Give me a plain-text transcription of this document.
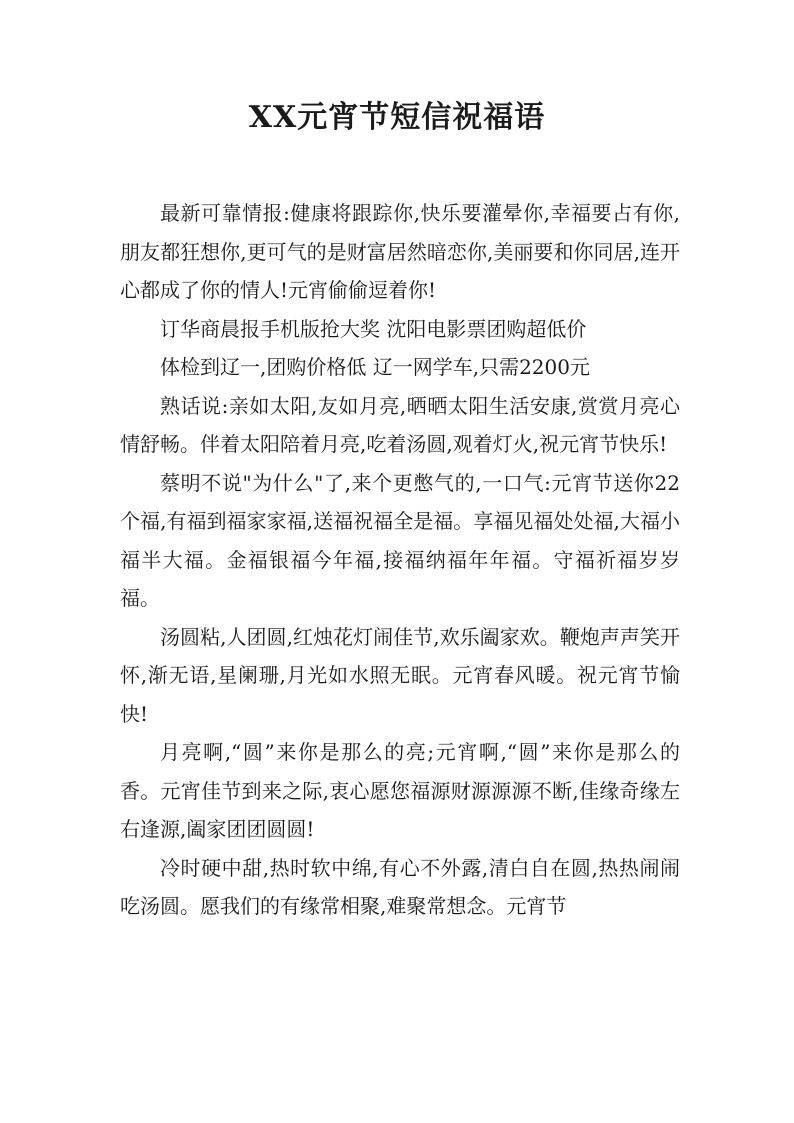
XX元宵节短信祝福语

最新可靠情报:健康将跟踪你,快乐要灌晕你,幸福要占有你,朋友都狂想你,更可气的是财富居然暗恋你,美丽要和你同居,连开心都成了你的情人!元宵偷偷逗着你!

订华商晨报手机版抢大奖 沈阳电影票团购超低价

体检到辽一,团购价格低 辽一网学车,只需2200元

熟话说:亲如太阳,友如月亮,晒晒太阳生活安康,赏赏月亮心情舒畅。伴着太阳陪着月亮,吃着汤圆,观着灯火,祝元宵节快乐!

蔡明不说"为什么"了,来个更憋气的,一口气:元宵节送你22个福,有福到福家家福,送福祝福全是福。享福见福处处福,大福小福半大福。金福银福今年福,接福纳福年年福。守福祈福岁岁福。

汤圆粘,人团圆,红烛花灯闹佳节,欢乐阖家欢。鞭炮声声笑开怀,渐无语,星阑珊,月光如水照无眠。元宵春风暖。祝元宵节愉快!

月亮啊,“圆”来你是那么的亮;元宵啊,“圆”来你是那么的香。元宵佳节到来之际,衷心愿您福源财源源源不断,佳缘奇缘左右逢源,阖家团团圆圆!

冷时硬中甜,热时软中绵,有心不外露,清白自在圆,热热闹闹吃汤圆。愿我们的有缘常相聚,难聚常想念。元宵节
